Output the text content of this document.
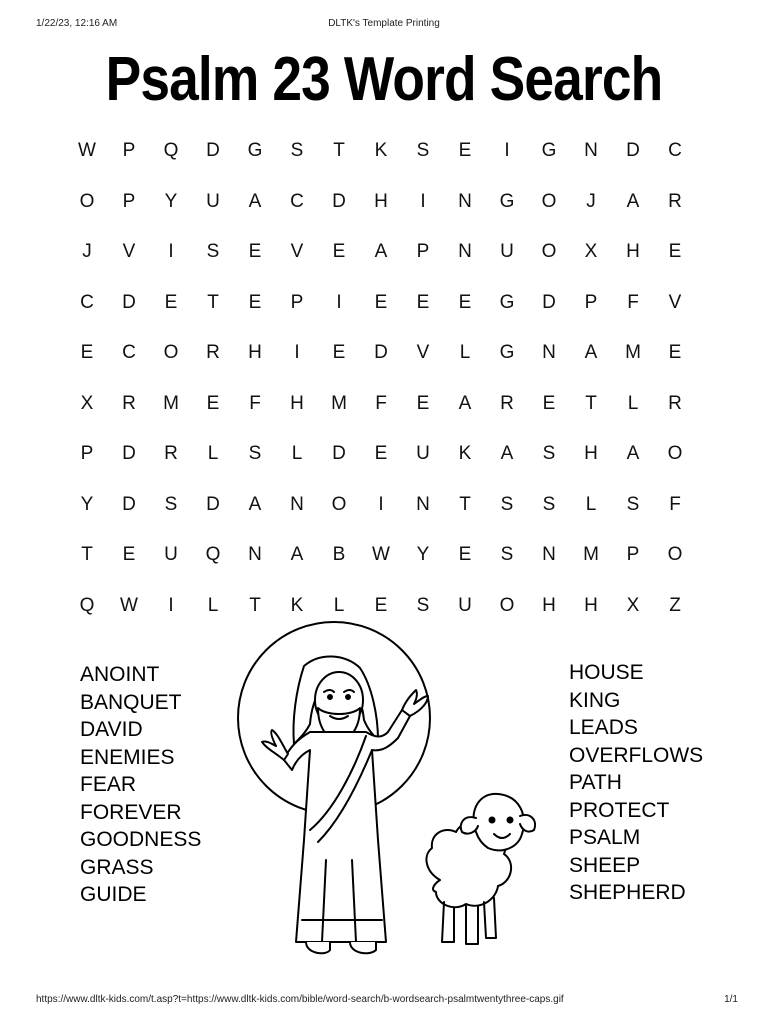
1/22/23, 12:16 AM	DLTK's Template Printing
Psalm 23 Word Search
W	P	Q	D	G	S	T	K	S	E	I	G	N	D	C
O	P	Y	U	A	C	D	H	I	N	G	O	J	A	R
J	V	I	S	E	V	E	A	P	N	U	O	X	H	E
C	D	E	T	E	P	I	E	E	E	G	D	P	F	V
E	C	O	R	H	I	E	D	V	L	G	N	A	M	E
X	R	M	E	F	H	M	F	E	A	R	E	T	L	R
P	D	R	L	S	L	D	E	U	K	A	S	H	A	O
Y	D	S	D	A	N	O	I	N	T	S	S	L	S	F
T	E	U	Q	N	A	B	W	Y	E	S	N	M	P	O
Q	W	I	L	T	K	L	E	S	U	O	H	H	X	Z
ANOINT
BANQUET
DAVID
ENEMIES
FEAR
FOREVER
GOODNESS
GRASS
GUIDE
HOUSE
KING
LEADS
OVERFLOWS
PATH
PROTECT
PSALM
SHEEP
SHEPHERD
https://www.dltk-kids.com/t.asp?t=https://www.dltk-kids.com/bible/word-search/b-wordsearch-psalmtwentythree-caps.gif	1/1
